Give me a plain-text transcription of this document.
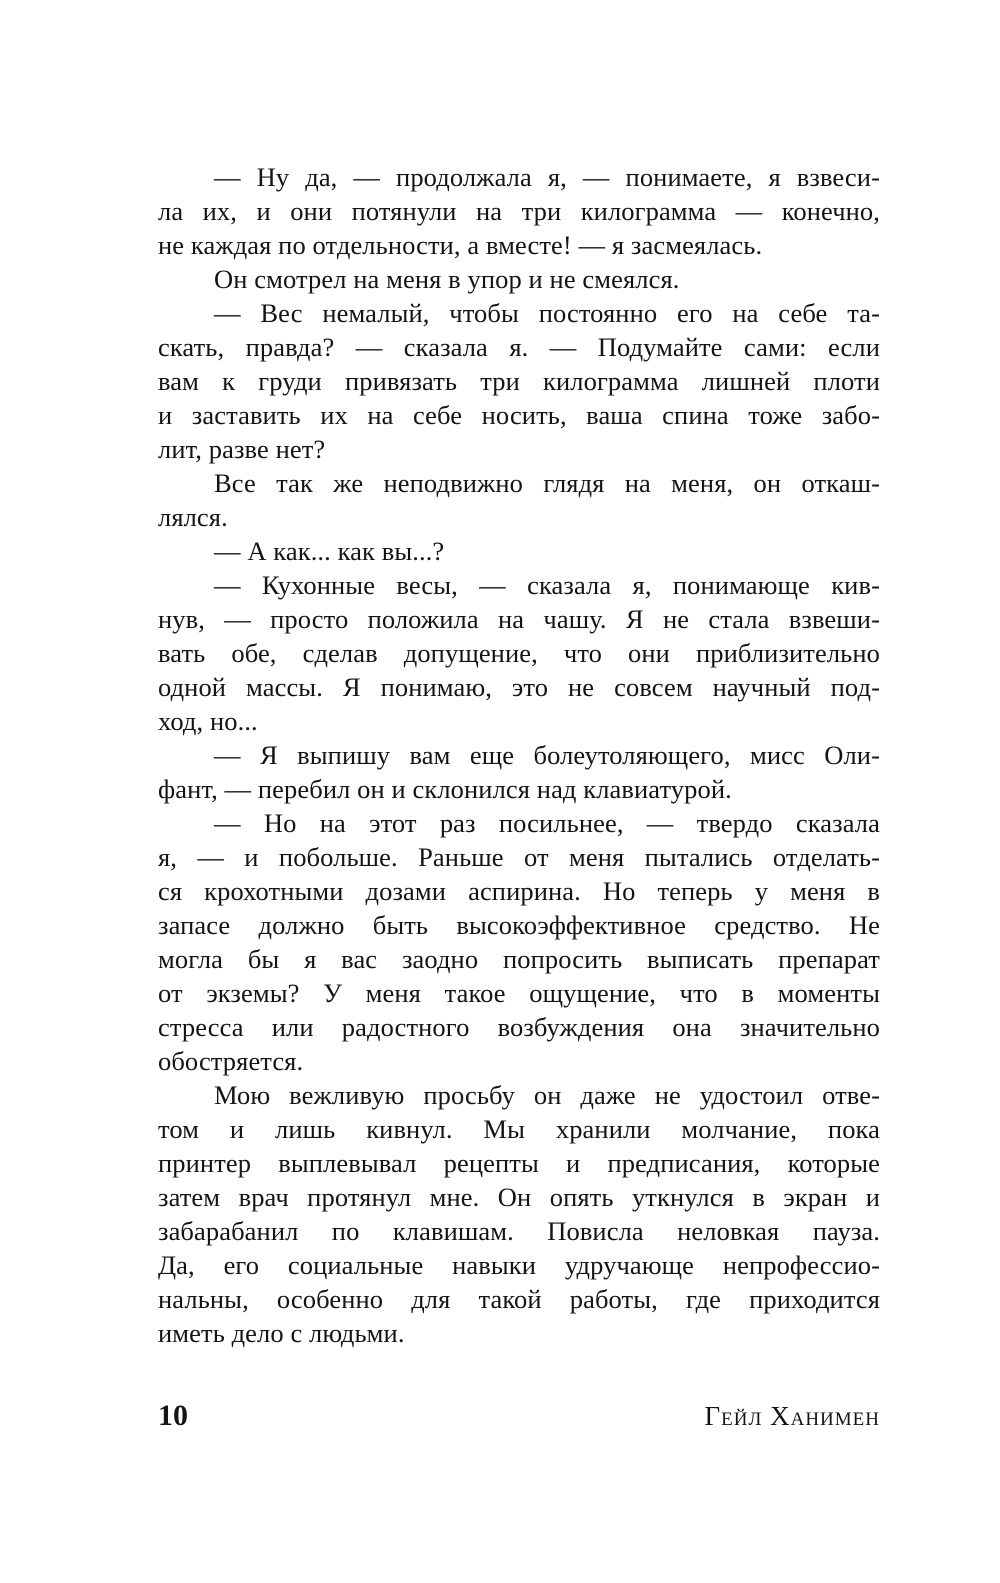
— Ну да, — продолжала я, — понимаете, я взвеси-
ла их, и они потянули на три килограмма — конечно,
не каждая по отдельности, а вместе! — я засмеялась.
Он смотрел на меня в упор и не смеялся.
— Вес немалый, чтобы постоянно его на себе та-
скать, правда? — сказала я. — Подумайте сами: если
вам к груди привязать три килограмма лишней плоти
и заставить их на себе носить, ваша спина тоже забо-
лит, разве нет?
Все так же неподвижно глядя на меня, он откаш-
лялся.
— А как... как вы...?
— Кухонные весы, — сказала я, понимающе кив-
нув, — просто положила на чашу. Я не стала взвеши-
вать обе, сделав допущение, что они приблизительно
одной массы. Я понимаю, это не совсем научный под-
ход, но...
— Я выпишу вам еще болеутоляющего, мисс Оли-
фант, — перебил он и склонился над клавиатурой.
— Но на этот раз посильнее, — твердо сказала
я, — и побольше. Раньше от меня пытались отделать-
ся крохотными дозами аспирина. Но теперь у меня в
запасе должно быть высокоэффективное средство. Не
могла бы я вас заодно попросить выписать препарат
от экземы? У меня такое ощущение, что в моменты
стресса или радостного возбуждения она значительно
обостряется.
Мою вежливую просьбу он даже не удостоил отве-
том и лишь кивнул. Мы хранили молчание, пока
принтер выплевывал рецепты и предписания, которые
затем врач протянул мне. Он опять уткнулся в экран и
забарабанил по клавишам. Повисла неловкая пауза.
Да, его социальные навыки удручающе непрофессио-
нальны, особенно для такой работы, где приходится
иметь дело с людьми.
10	Гейл Ханимен
